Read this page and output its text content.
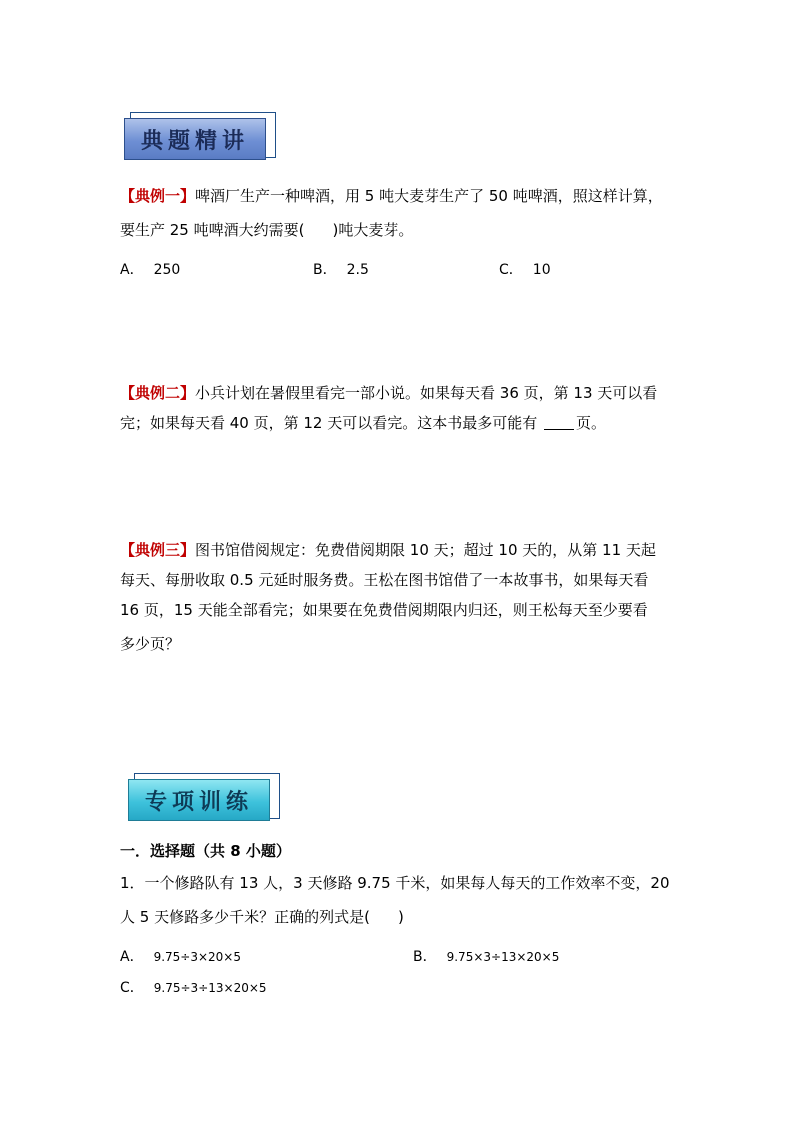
典题精讲
【典例一】啤酒厂生产一种啤酒，用 5 吨大麦芽生产了 50 吨啤酒，照这样计算，
要生产 25 吨啤酒大约需要( )吨大麦芽。
A． 250	B． 2.5	C． 10
【典例二】小兵计划在暑假里看完一部小说。如果每天看 36 页，第 13 天可以看
完；如果每天看 40 页，第 12 天可以看完。这本书最多可能有 页。
【典例三】图书馆借阅规定：免费借阅期限 10 天；超过 10 天的，从第 11 天起
每天、每册收取 0.5 元延时服务费。王松在图书馆借了一本故事书，如果每天看
16 页，15 天能全部看完；如果要在免费借阅期限内归还，则王松每天至少要看
多少页？
专项训练
一．选择题（共 8 小题）
1．一个修路队有 13 人，3 天修路 9.75 千米，如果每人每天的工作效率不变，20
人 5 天修路多少千米？正确的列式是( )
A． 9.75÷3×20×5	B． 9.75×3÷13×20×5
C． 9.75÷3÷13×20×5
